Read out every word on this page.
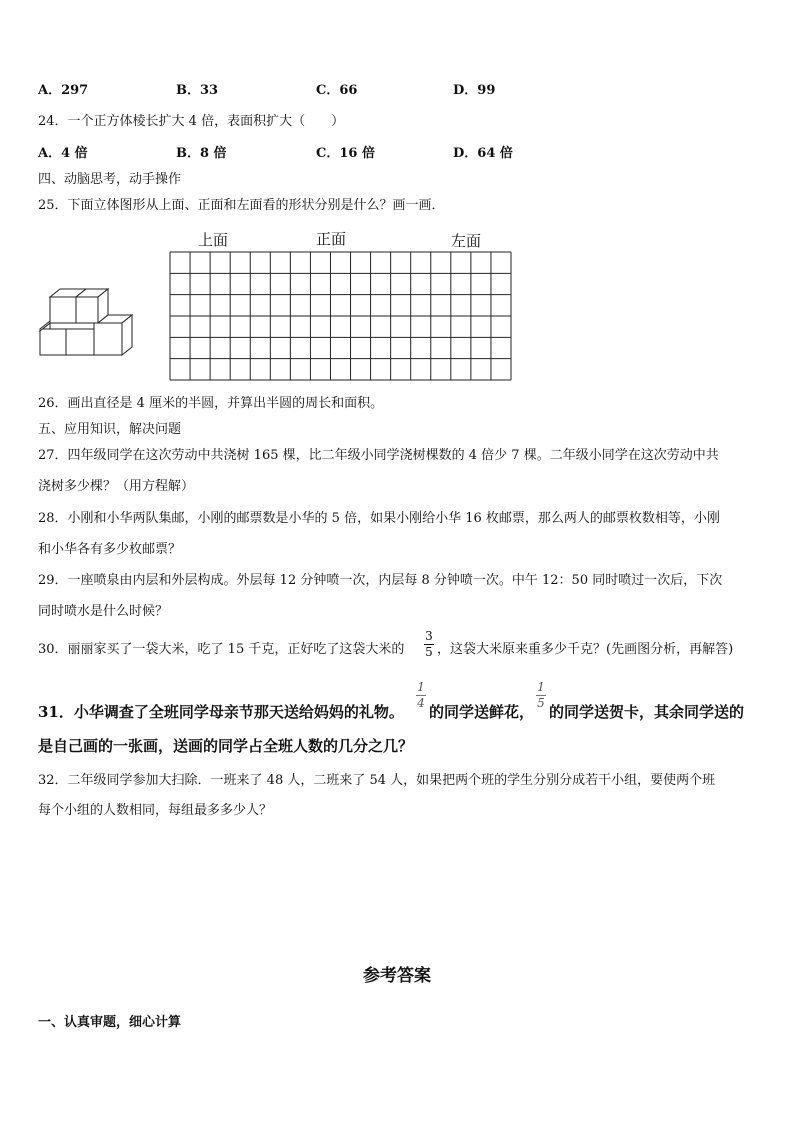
A．297	B．33	C．66	D．99
24．一个正方体棱长扩大 4 倍，表面积扩大（　　）
A．4 倍	B．8 倍	C．16 倍	D．64 倍
四、动脑思考，动手操作
25．下面立体图形从上面、正面和左面看的形状分别是什么？画一画．
上面	正面	左面
26．画出直径是 4 厘米的半圆，并算出半圆的周长和面积。
五、应用知识，解决问题
27．四年级同学在这次劳动中共浇树 165 棵，比二年级小同学浇树棵数的 4 倍少 7 棵。二年级小同学在这次劳动中共
浇树多少棵？（用方程解）
28．小刚和小华两队集邮，小刚的邮票数是小华的 5 倍，如果小刚给小华 16 枚邮票，那么两人的邮票枚数相等，小刚
和小华各有多少枚邮票？
29．一座喷泉由内层和外层构成。外层每 12 分钟喷一次，内层每 8 分钟喷一次。中午 12：50 同时喷过一次后，下次
同时喷水是什么时候？
30．丽丽家买了一袋大米，吃了 15 千克，正好吃了这袋大米的
3
5 ，这袋大米原来重多少千克？(先画图分析，再解答)
31．小华调查了全班同学母亲节那天送给妈妈的礼物。
1
4 的同学送鲜花，
1
5 的同学送贺卡，其余同学送的
是自己画的一张画，送画的同学占全班人数的几分之几？
32．二年级同学参加大扫除．一班来了 48 人，二班来了 54 人，如果把两个班的学生分别分成若干小组，要使两个班
每个小组的人数相同，每组最多多少人？
参考答案
一、认真审题，细心计算
